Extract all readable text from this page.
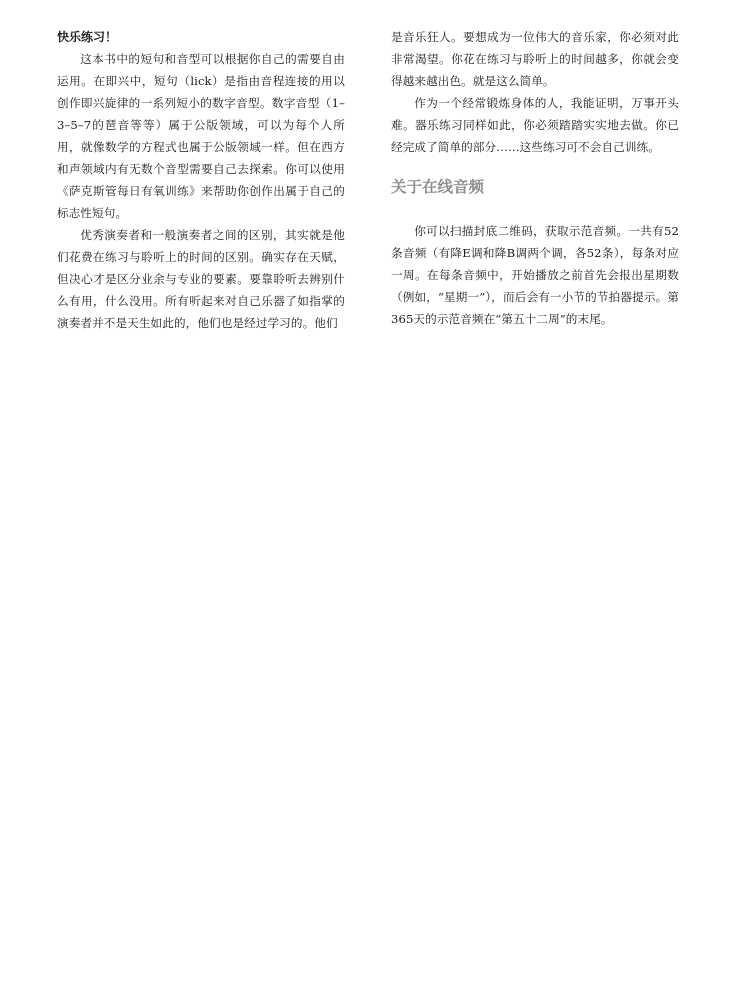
快乐练习！

这本书中的短句和音型可以根据你自己的需要自由运用。在即兴中，短句（lick）是指由音程连接的用以创作即兴旋律的一系列短小的数字音型。数字音型（1–3–5–7的琶音等等）属于公版领域，可以为每个人所用，就像数学的方程式也属于公版领域一样。但在西方和声领域内有无数个音型需要自己去探索。你可以使用《萨克斯管每日有氧训练》来帮助你创作出属于自己的标志性短句。

优秀演奏者和一般演奏者之间的区别，其实就是他们花费在练习与聆听上的时间的区别。确实存在天赋，但决心才是区分业余与专业的要素。要靠聆听去辨别什么有用，什么没用。所有听起来对自己乐器了如指掌的演奏者并不是天生如此的，他们也是经过学习的。他们

是音乐狂人。要想成为一位伟大的音乐家，你必须对此非常渴望。你花在练习与聆听上的时间越多，你就会变得越来越出色。就是这么简单。

作为一个经常锻炼身体的人，我能证明，万事开头难。器乐练习同样如此，你必须踏踏实实地去做。你已经完成了简单的部分……这些练习可不会自己训练。

关于在线音频

你可以扫描封底二维码，获取示范音频。一共有52条音频（有降E调和降B调两个调，各52条），每条对应一周。在每条音频中，开始播放之前首先会报出星期数（例如，“星期一”），而后会有一小节的节拍器提示。第365天的示范音频在“第五十二周”的末尾。
